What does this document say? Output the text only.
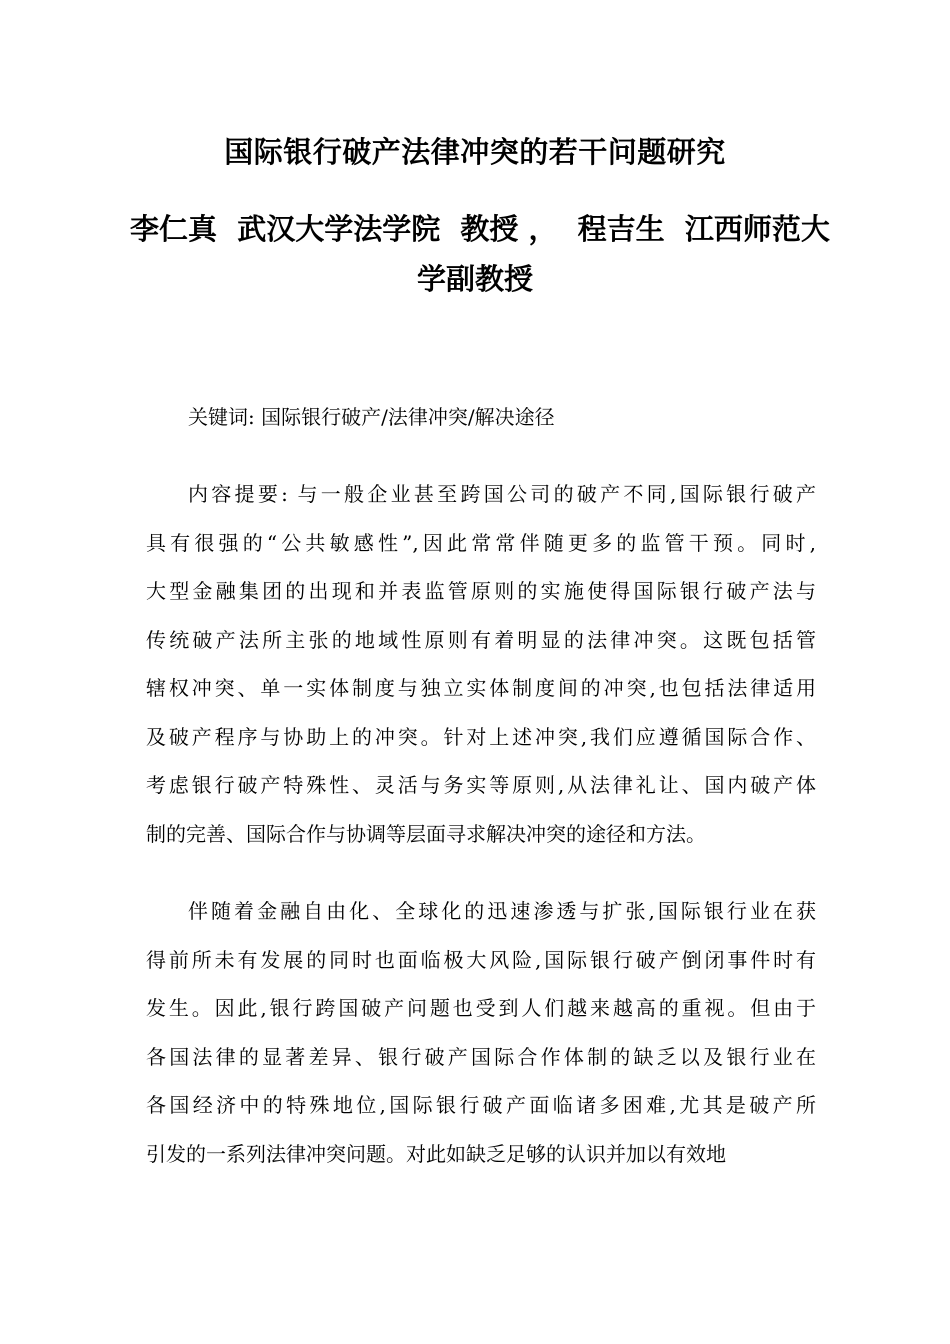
国际银行破产法律冲突的若干问题研究
李仁真  武汉大学法学院  教授 ，  程吉生  江西师范大
学副教授
关键词: 国际银行破产/法律冲突/解决途径
内容提要: 与一般企业甚至跨国公司的破产不同,国际银行破产
具有很强的“公共敏感性”,因此常常伴随更多的监管干预。同时,
大型金融集团的出现和并表监管原则的实施使得国际银行破产法与
传统破产法所主张的地域性原则有着明显的法律冲突。这既包括管
辖权冲突、单一实体制度与独立实体制度间的冲突,也包括法律适用
及破产程序与协助上的冲突。针对上述冲突,我们应遵循国际合作、
考虑银行破产特殊性、灵活与务实等原则,从法律礼让、国内破产体
制的完善、国际合作与协调等层面寻求解决冲突的途径和方法。
伴随着金融自由化、全球化的迅速渗透与扩张,国际银行业在获
得前所未有发展的同时也面临极大风险,国际银行破产倒闭事件时有
发生。因此,银行跨国破产问题也受到人们越来越高的重视。但由于
各国法律的显著差异、银行破产国际合作体制的缺乏以及银行业在
各国经济中的特殊地位,国际银行破产面临诸多困难,尤其是破产所
引发的一系列法律冲突问题。对此如缺乏足够的认识并加以有效地
